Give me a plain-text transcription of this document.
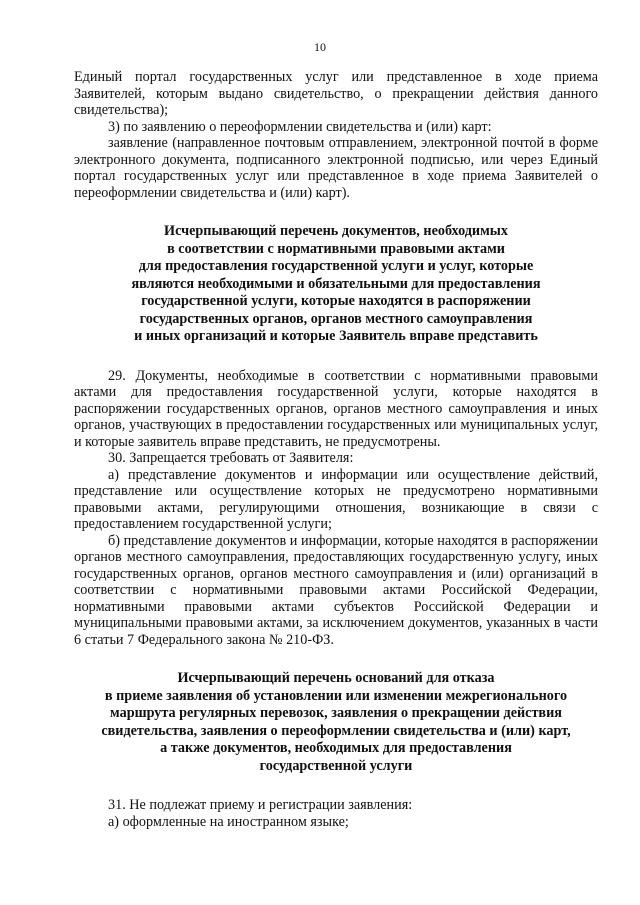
10

Единый портал государственных услуг или представленное в ходе приема Заявителей, которым выдано свидетельство, о прекращении действия данного свидетельства);

3) по заявлению о переоформлении свидетельства и (или) карт:

заявление (направленное почтовым отправлением, электронной почтой в форме электронного документа, подписанного электронной подписью, или через Единый портал государственных услуг или представленное в ходе приема Заявителей о переоформлении свидетельства и (или) карт).

Исчерпывающий перечень документов, необходимых

в соответствии с нормативными правовыми актами

для предоставления государственной услуги и услуг, которые

являются необходимыми и обязательными для предоставления

государственной услуги, которые находятся в распоряжении

государственных органов, органов местного самоуправления

и иных организаций и которые Заявитель вправе представить

29. Документы, необходимые в соответствии с нормативными правовыми актами для предоставления государственной услуги, которые находятся в распоряжении государственных органов, органов местного самоуправления и иных органов, участвующих в предоставлении государственных или муниципальных услуг, и которые заявитель вправе представить, не предусмотрены.

30. Запрещается требовать от Заявителя:

а) представление документов и информации или осуществление действий, представление или осуществление которых не предусмотрено нормативными правовыми актами, регулирующими отношения, возникающие в связи с предоставлением государственной услуги;

б) представление документов и информации, которые находятся в распоряжении органов местного самоуправления, предоставляющих государственную услугу, иных государственных органов, органов местного самоуправления и (или) организаций в соответствии с нормативными правовыми актами Российской Федерации, нормативными правовыми актами субъектов Российской Федерации и муниципальными правовыми актами, за исключением документов, указанных в части 6 статьи 7 Федерального закона № 210-ФЗ.

Исчерпывающий перечень оснований для отказа

в приеме заявления об установлении или изменении межрегионального

маршрута регулярных перевозок, заявления о прекращении действия

свидетельства, заявления о переоформлении свидетельства и (или) карт,

а также документов, необходимых для предоставления

государственной услуги

31. Не подлежат приему и регистрации заявления:

а) оформленные на иностранном языке;
